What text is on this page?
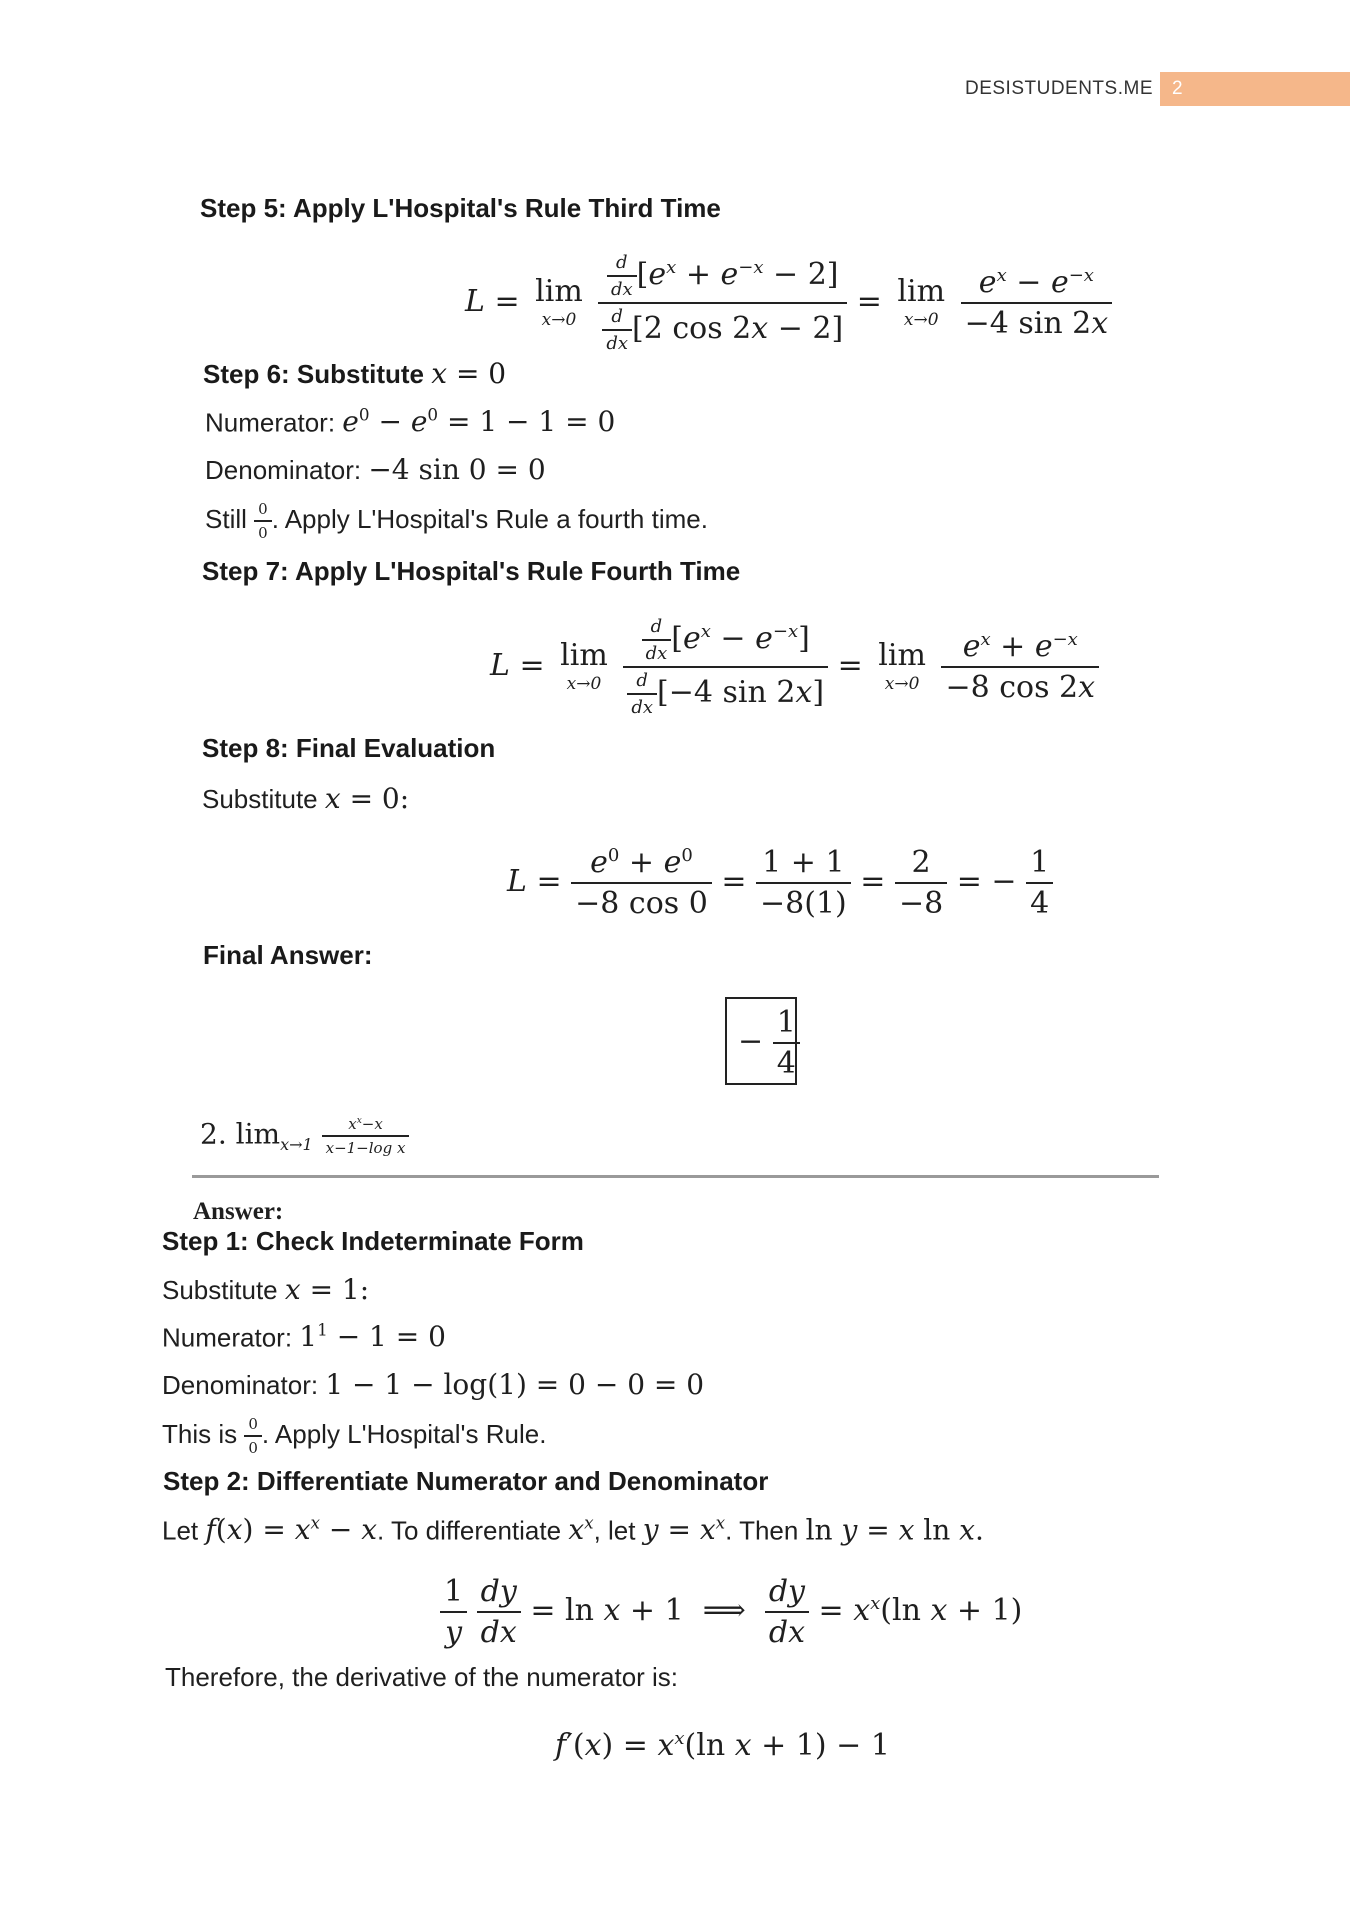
DESISTUDENTS.ME	2
Step 5: Apply L'Hospital's Rule Third Time
L = lim
x→0
	$\frac{\frac{d}{dx} [e^x + e^{-x} - 2]}{\frac{d}{dx} [2 \cos 2x - 2]} = \lim$
x→0
$\frac{e^x - e^{-x}}{-4 \sin 2x}$
Step 6: Substitute x = 0
Numerator: $e^0 - e^0 = 1 - 1 = 0$
Denominator: −4 sin 0 = 0
Still $\frac{0}{0}$ . Apply L'Hospital's Rule a fourth time.
Step 7: Apply L'Hospital's Rule Fourth Time
L = lim
x→0
	$\frac{\frac{d}{dx} [e^x - e^{-x}]}{\frac{d}{dx} [-4 \sin 2x]} = \lim$
x→0
$\frac{e^x + e^{-x}}{-8 \cos 2x}$
Step 8: Final Evaluation
Substitute x = 0:
$L = \frac{e^0 + e^0}{-8 \cos 0} = \frac{1 + 1}{-8(1)} = \frac{2}{-8}$ = − $\frac{1}{4}$
Final Answer:
− $\frac{1}{4}$
2. $\lim_{x\to 1} \frac{x^x-x}{\text{x−1−log x}}$
Answer:
Step 1: Check Indeterminate Form
Substitute x = 1:
Numerator: $1^1 - 1 = 0$
Denominator: 1 − 1 − log(1) = 0 − 0 = 0
This is $\frac{0}{0}$ . Apply L'Hospital's Rule.
Step 2: Differentiate Numerator and Denominator
Let $f(x) = x^x - x$. To differentiate $x^x$, let $y = x^x$. Then ln y = x ln x.
$\frac{1}{y}$
$\frac{dy}{dx} = \ln x + 1$  ⟹ $\frac{dy}{dx} = x^x(\ln$ x + 1)
Therefore, the derivative of the numerator is:
$f'(x) = x^x(\ln$ x + 1) − 1
